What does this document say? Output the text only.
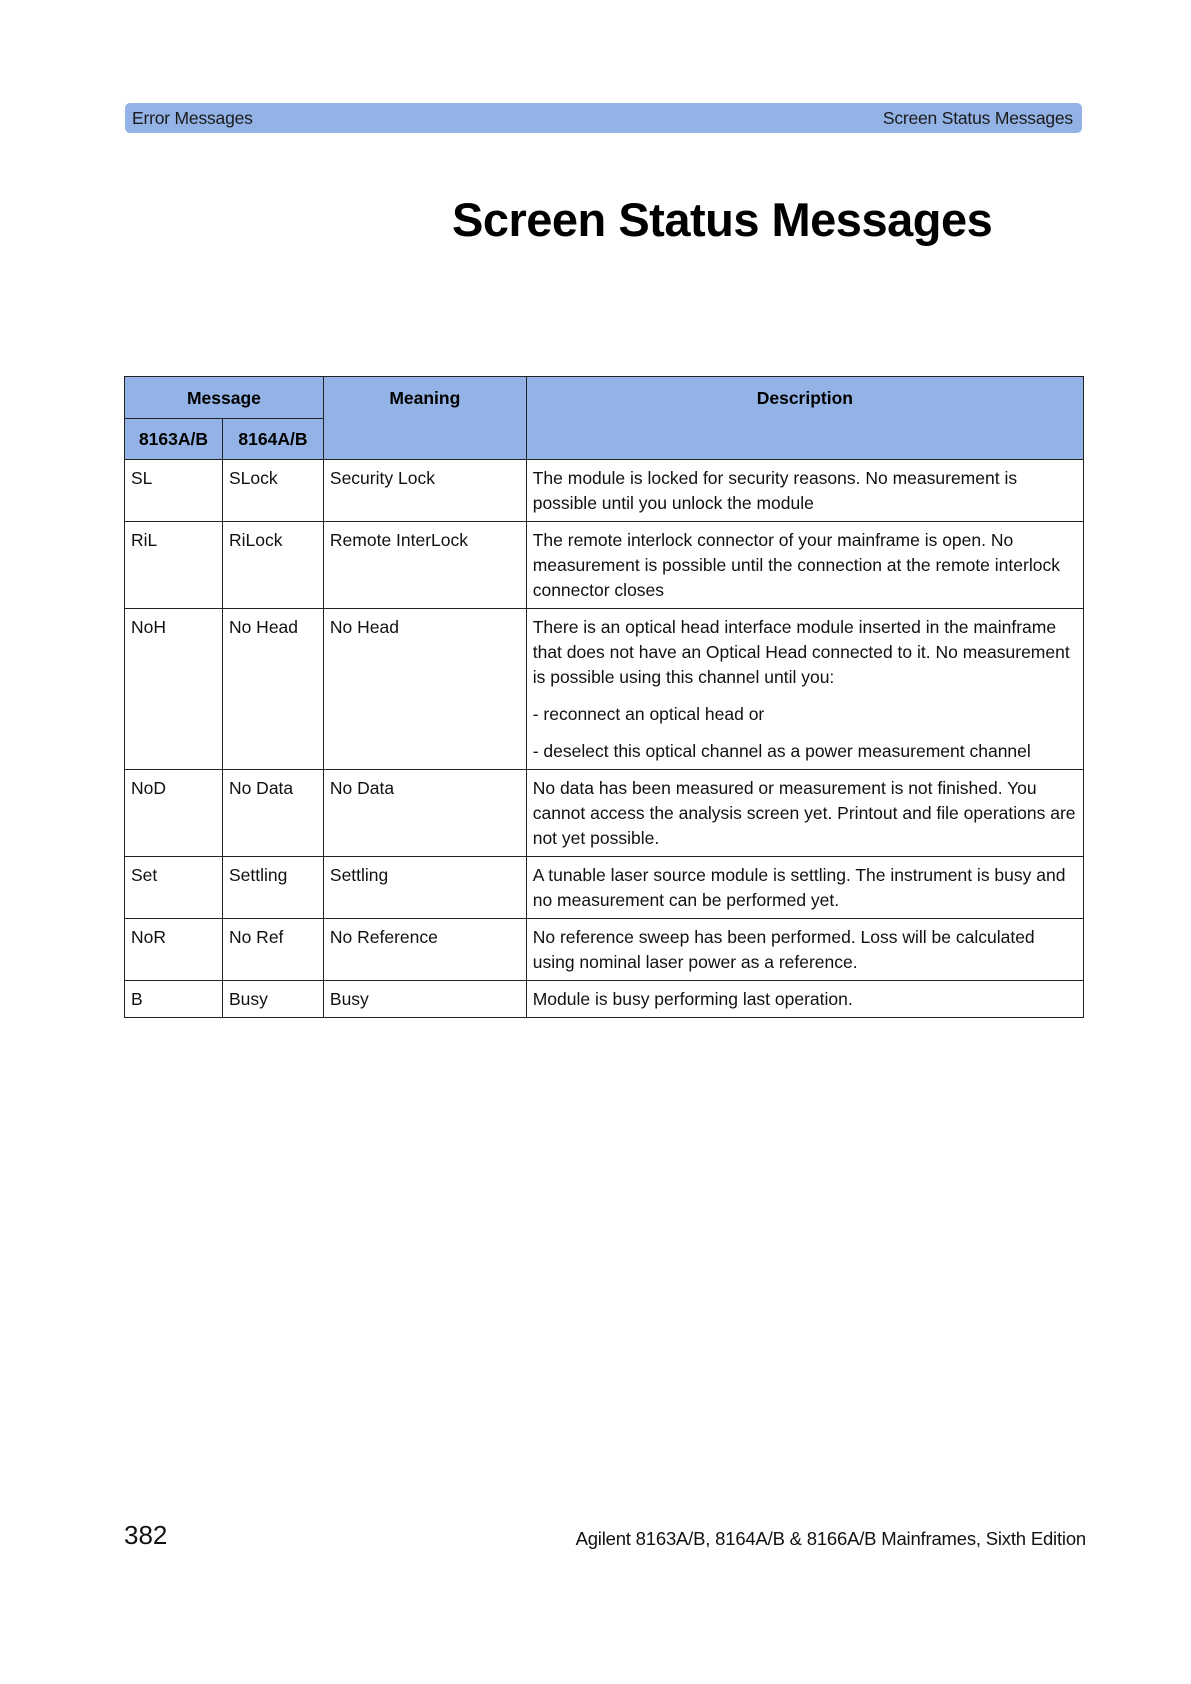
Error Messages	Screen Status Messages
Screen Status Messages
Message		Meaning	Description
8163A/B	8164A/B		
SL	SLock	Security Lock	The module is locked for security reasons. No measurement is possible until you unlock the module

RiL	RiLock	Remote InterLock	The remote interlock connector of your mainframe is open. No measurement is possible until the connection at the remote interlock connector closes

NoH	No Head	No Head	There is an optical head interface module inserted in the mainframe that does not have an Optical Head connected to it. No measurement is possible using this channel until you:
- reconnect an optical head or
- deselect this optical channel as a power measurement channel

NoD	No Data	No Data	No data has been measured or measurement is not finished. You cannot access the analysis screen yet. Printout and file operations are not yet possible.

Set	Settling	Settling	A tunable laser source module is settling. The instrument is busy and no measurement can be performed yet.

NoR	No Ref	No Reference	No reference sweep has been performed. Loss will be calculated using nominal laser power as a reference.

B	Busy	Busy	Module is busy performing last operation.
382	Agilent 8163A/B, 8164A/B & 8166A/B Mainframes, Sixth Edition
